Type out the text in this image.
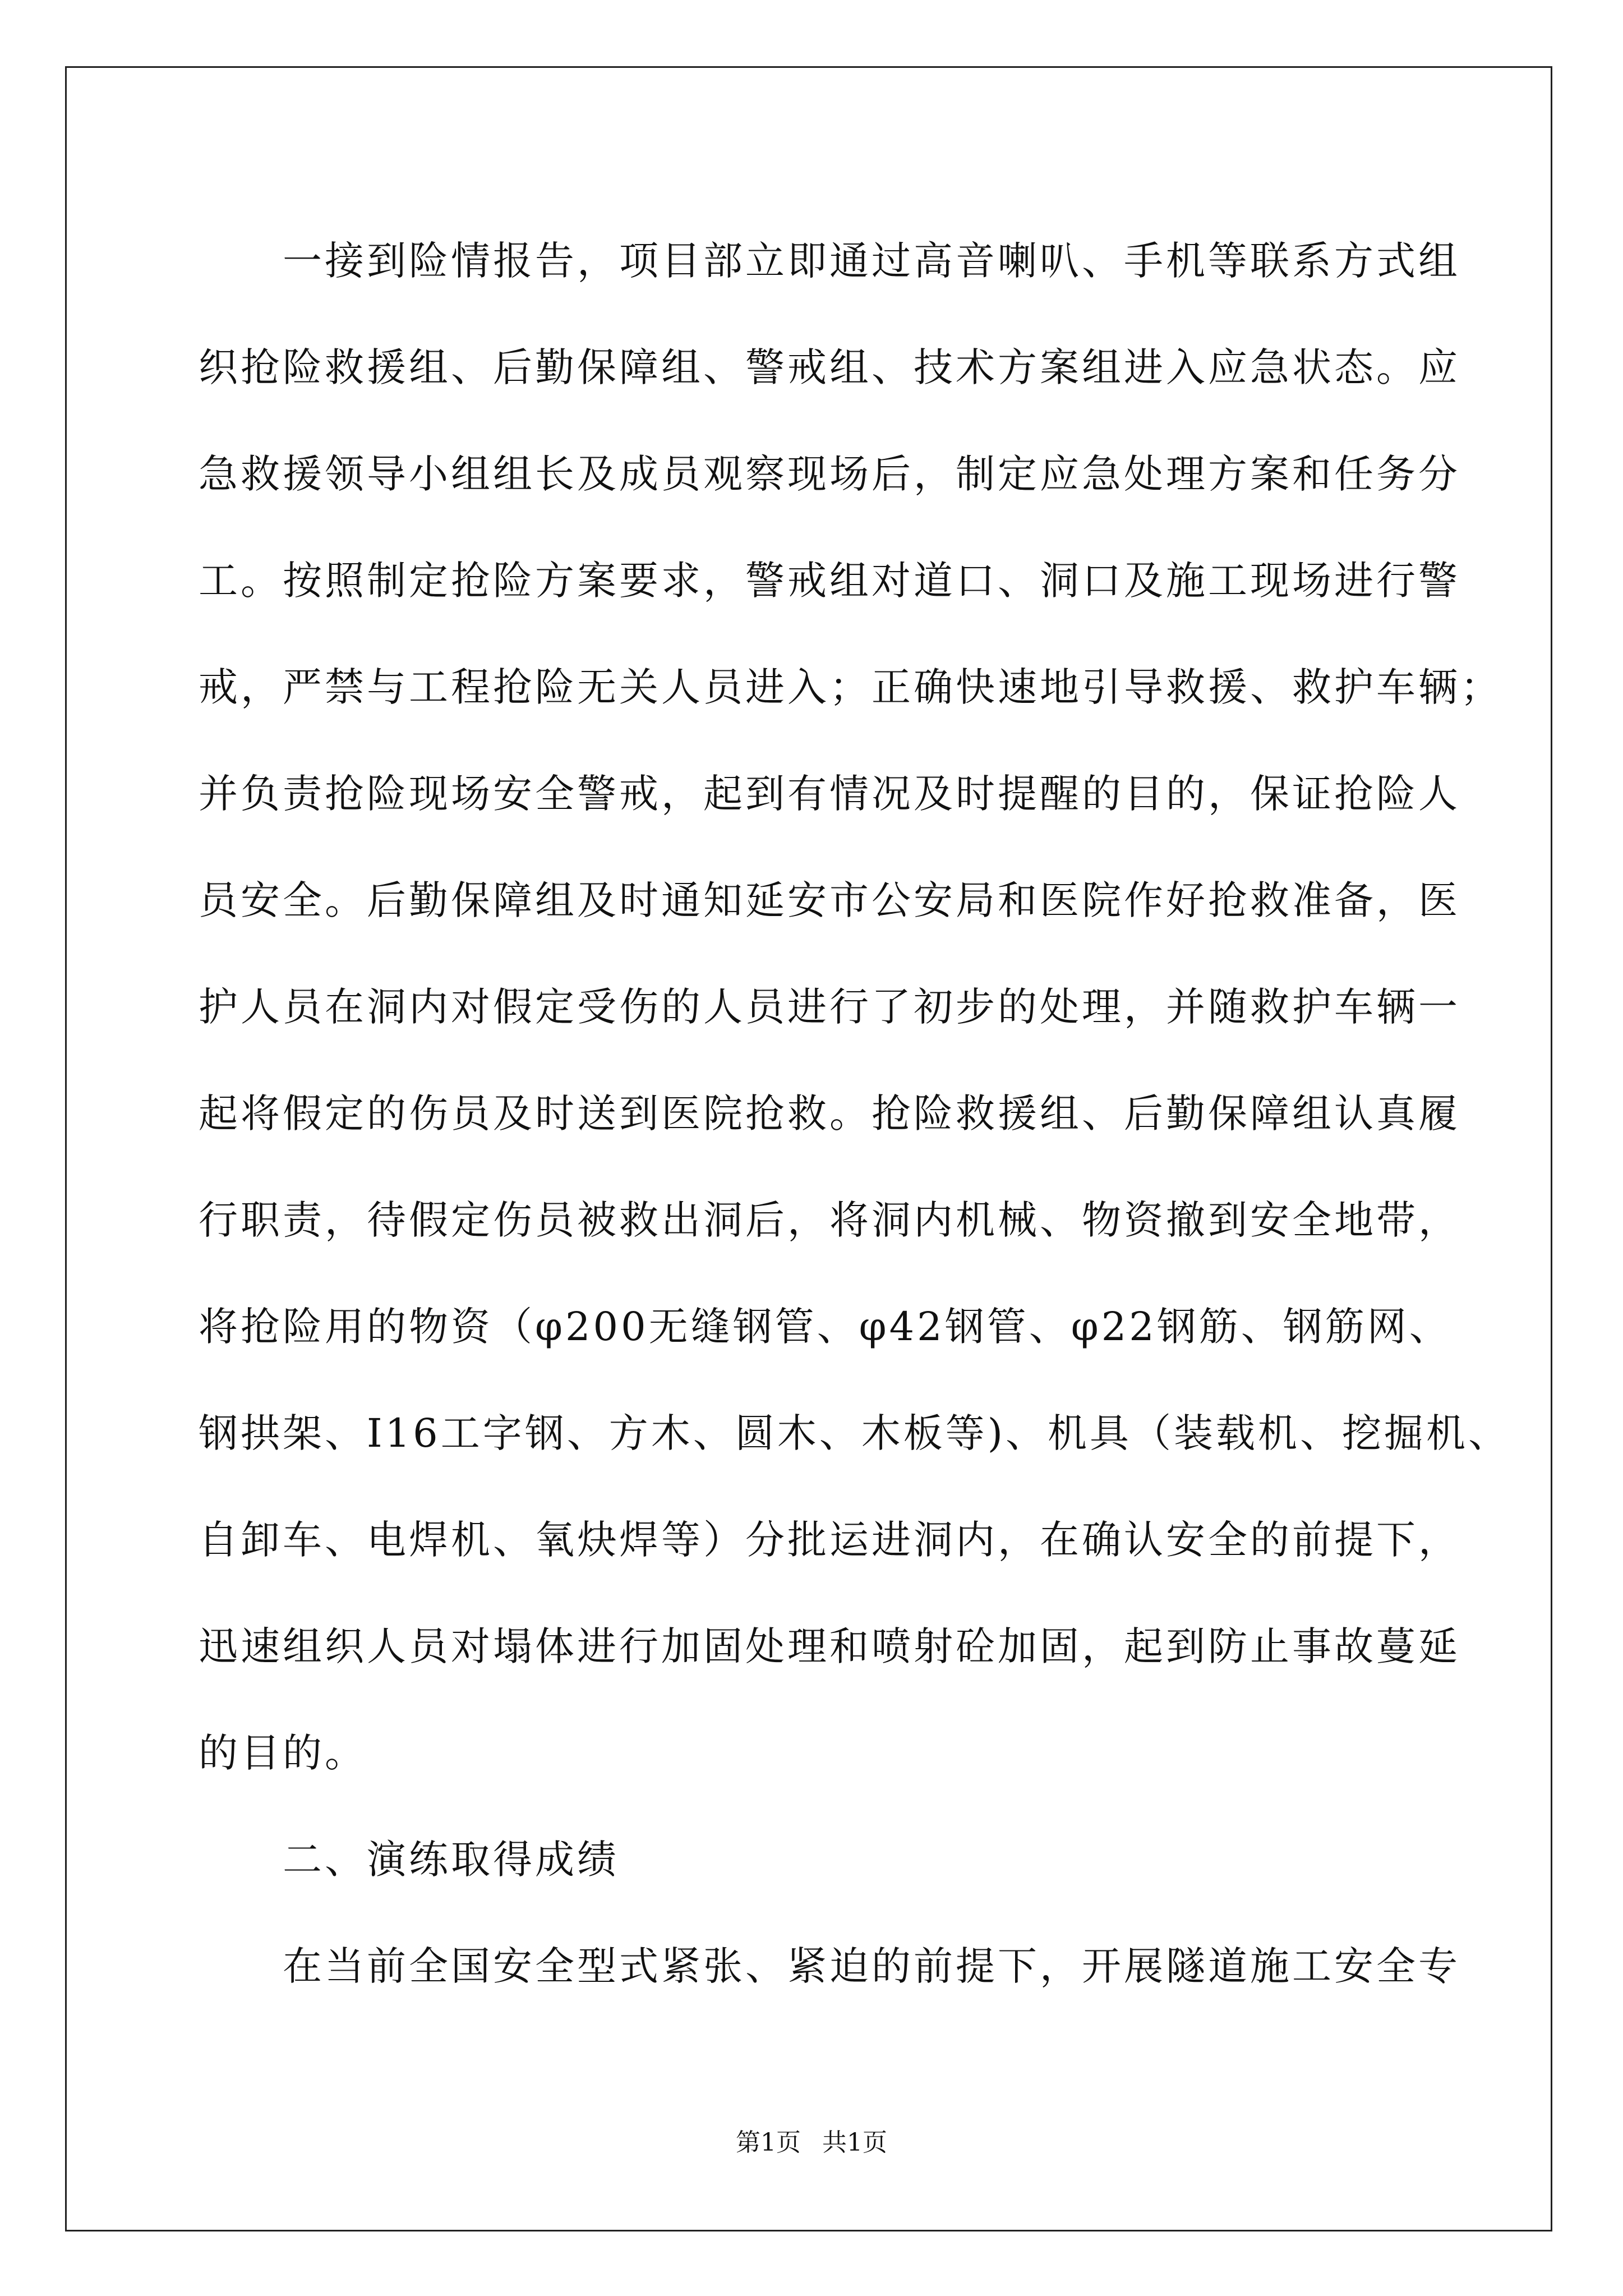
一接到险情报告，项目部立即通过高音喇叭、手机等联系方式组
织抢险救援组、后勤保障组、警戒组、技术方案组进入应急状态。应
急救援领导小组组长及成员观察现场后，制定应急处理方案和任务分
工。按照制定抢险方案要求，警戒组对道口、洞口及施工现场进行警
戒，严禁与工程抢险无关人员进入；正确快速地引导救援、救护车辆；
并负责抢险现场安全警戒，起到有情况及时提醒的目的，保证抢险人
员安全。后勤保障组及时通知延安市公安局和医院作好抢救准备，医
护人员在洞内对假定受伤的人员进行了初步的处理，并随救护车辆一
起将假定的伤员及时送到医院抢救。抢险救援组、后勤保障组认真履
行职责，待假定伤员被救出洞后，将洞内机械、物资撤到安全地带，
将抢险用的物资（φ200无缝钢管、φ42钢管、φ22钢筋、钢筋网、
钢拱架、I16工字钢、方木、圆木、木板等)、机具（装载机、挖掘机、
自卸车、电焊机、氧炔焊等）分批运进洞内，在确认安全的前提下，
迅速组织人员对塌体进行加固处理和喷射砼加固，起到防止事故蔓延
的目的。
二、演练取得成绩
在当前全国安全型式紧张、紧迫的前提下，开展隧道施工安全专
第1页 共1页
